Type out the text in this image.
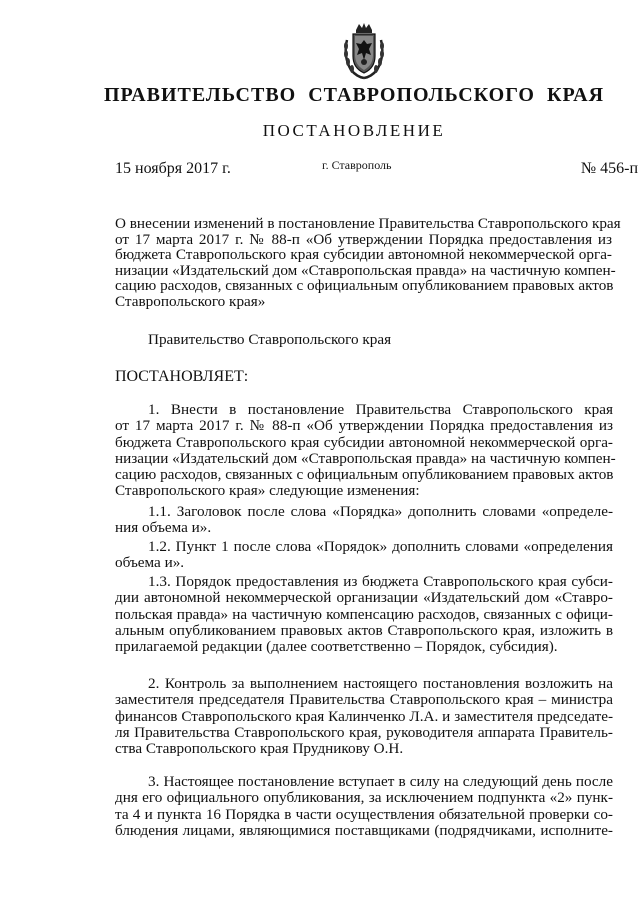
ПРАВИТЕЛЬСТВО  СТАВРОПОЛЬСКОГО  КРАЯ
ПОСТАНОВЛЕНИЕ
15 ноября 2017 г.	г. Ставрополь	№ 456-п
О внесении изменений в постановление Правительства Ставропольского края
от 17 марта 2017 г. № 88-п «Об утверждении Порядка предоставления из
бюджета Ставропольского края субсидии автономной некоммерческой орга-
низации «Издательский дом «Ставропольская правда» на частичную компен-
сацию расходов, связанных с официальным опубликованием правовых актов
Ставропольского края»
Правительство Ставропольского края
ПОСТАНОВЛЯЕТ:
1. Внести в постановление Правительства Ставропольского края
от 17 марта 2017 г. № 88-п «Об утверждении Порядка предоставления из
бюджета Ставропольского края субсидии автономной некоммерческой орга-
низации «Издательский дом «Ставропольская правда» на частичную компен-
сацию расходов, связанных с официальным опубликованием правовых актов
Ставропольского края» следующие изменения:
1.1. Заголовок после слова «Порядка» дополнить словами «определе-
ния объема и».
1.2. Пункт 1 после слова «Порядок» дополнить словами «определения
объема и».
1.3. Порядок предоставления из бюджета Ставропольского края субси-
дии автономной некоммерческой организации «Издательский дом «Ставро-
польская правда» на частичную компенсацию расходов, связанных с офици-
альным опубликованием правовых актов Ставропольского края, изложить в
прилагаемой редакции (далее соответственно – Порядок, субсидия).
2. Контроль за выполнением настоящего постановления возложить на
заместителя председателя Правительства Ставропольского края – министра
финансов Ставропольского края Калинченко Л.А. и заместителя председате-
ля Правительства Ставропольского края, руководителя аппарата Правитель-
ства Ставропольского края Прудникову О.Н.
3. Настоящее постановление вступает в силу на следующий день после
дня его официального опубликования, за исключением подпункта «2» пунк-
та 4 и пункта 16 Порядка в части осуществления обязательной проверки со-
блюдения лицами, являющимися поставщиками (подрядчиками, исполните-
